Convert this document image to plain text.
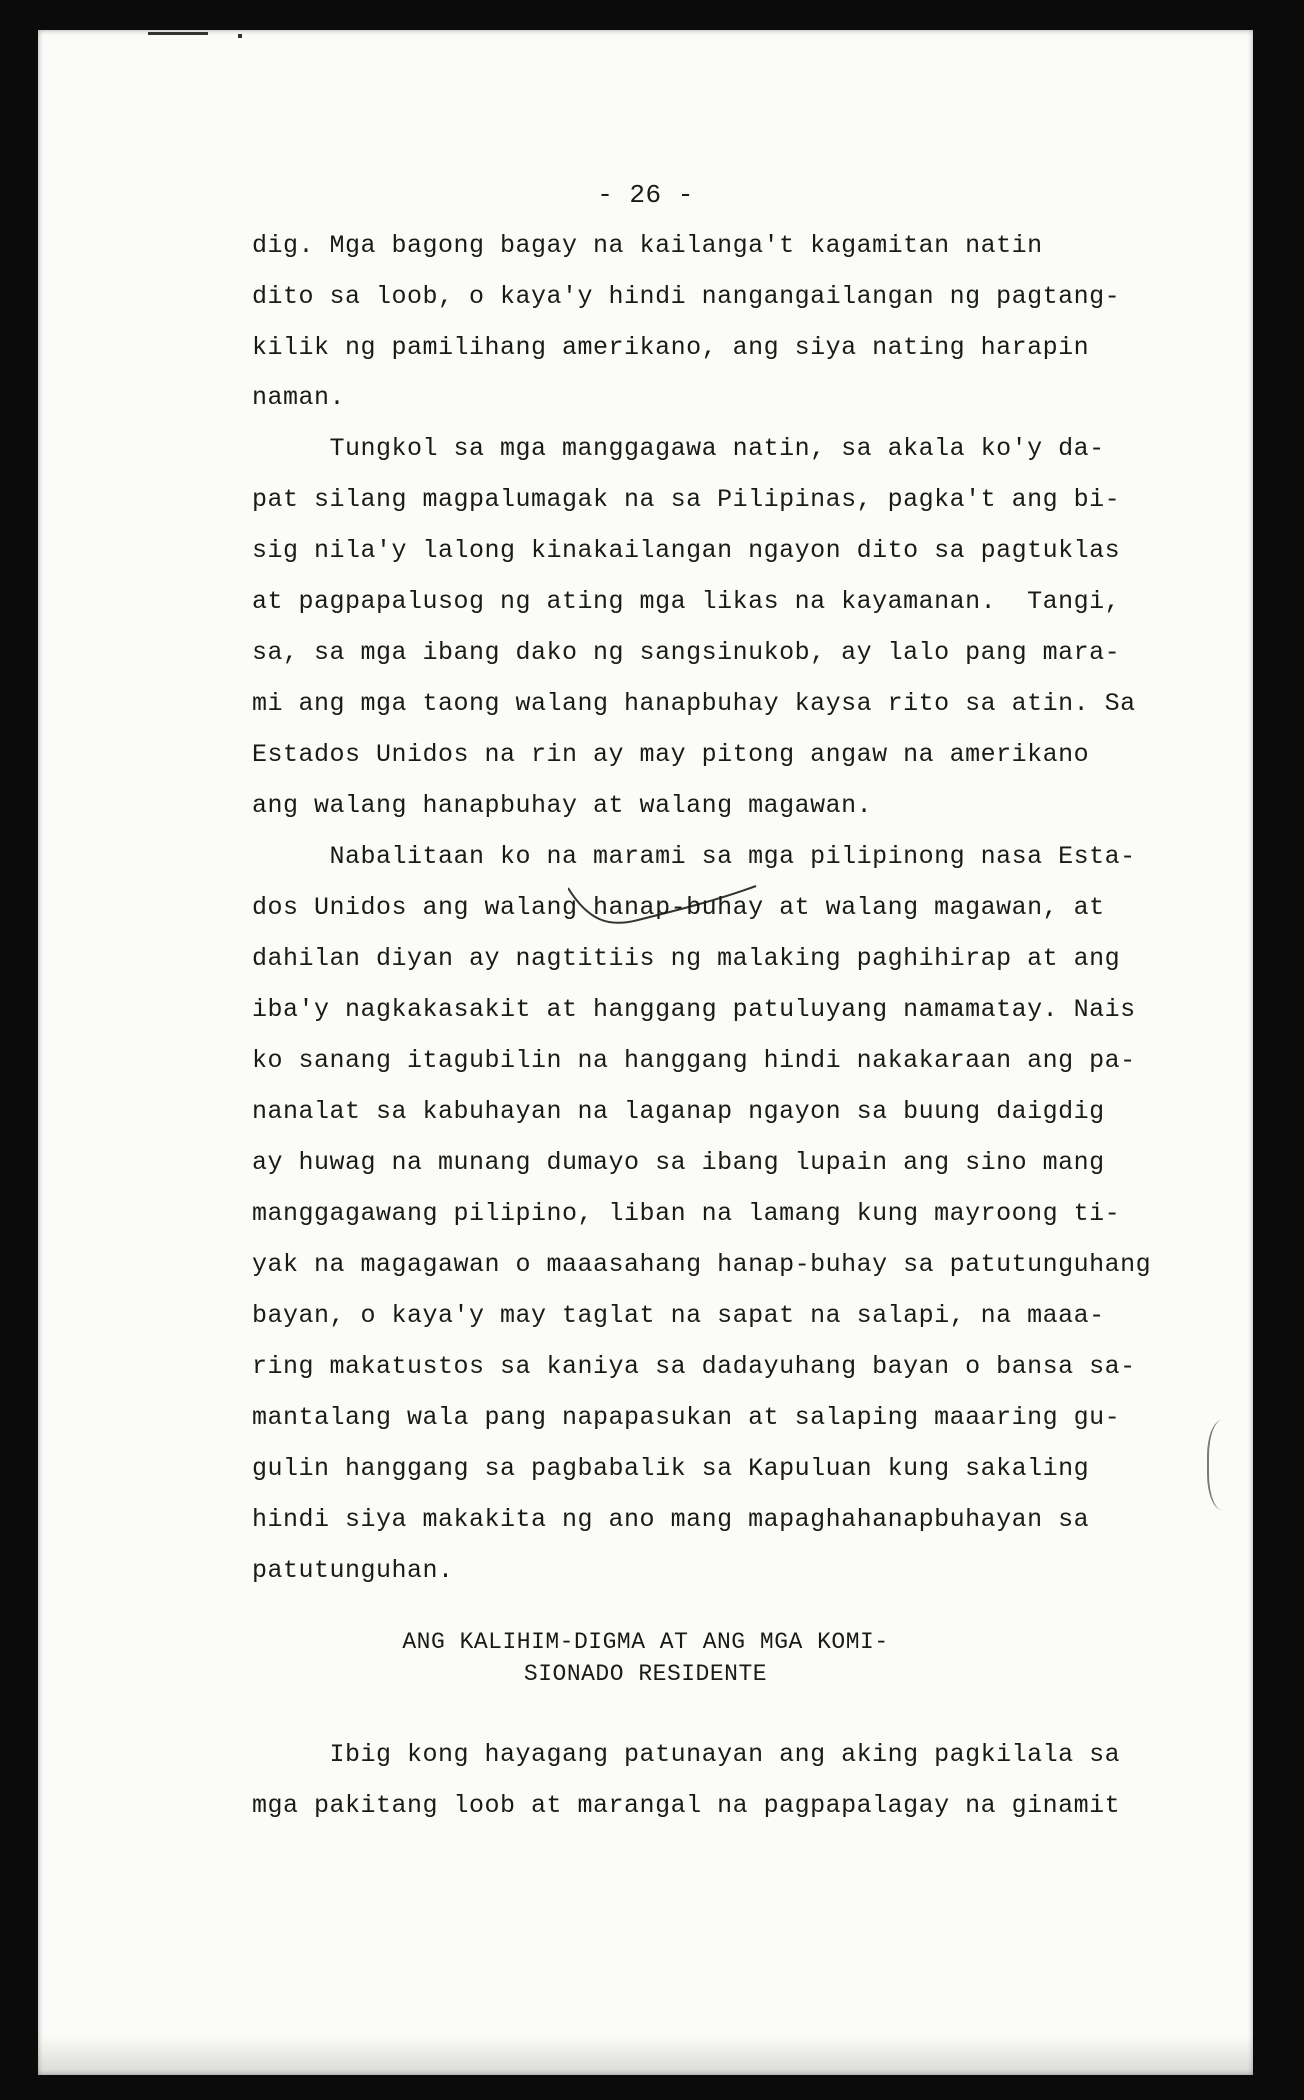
- 26 -
dig. Mga bagong bagay na kailanga't kagamitan natin
dito sa loob, o kaya'y hindi nangangailangan ng pagtang-
kilik ng pamilihang amerikano, ang siya nating harapin
naman.
Tungkol sa mga manggagawa natin, sa akala ko'y da-
pat silang magpalumagak na sa Pilipinas, pagka't ang bi-
sig nila'y lalong kinakailangan ngayon dito sa pagtuklas
at pagpapalusog ng ating mga likas na kayamanan.  Tangi,
sa, sa mga ibang dako ng sangsinukob, ay lalo pang mara-
mi ang mga taong walang hanapbuhay kaysa rito sa atin. Sa
Estados Unidos na rin ay may pitong angaw na amerikano
ang walang hanapbuhay at walang magawan.
Nabalitaan ko na marami sa mga pilipinong nasa Esta-
dos Unidos ang walang hanap-buhay at walang magawan, at
dahilan diyan ay nagtitiis ng malaking paghihirap at ang
iba'y nagkakasakit at hanggang patuluyang namamatay. Nais
ko sanang itagubilin na hanggang hindi nakakaraan ang pa-
nanalat sa kabuhayan na laganap ngayon sa buung daigdig
ay huwag na munang dumayo sa ibang lupain ang sino mang
manggagawang pilipino, liban na lamang kung mayroong ti-
yak na magagawan o maaasahang hanap-buhay sa patutunguhang
bayan, o kaya'y may taglat na sapat na salapi, na maaa-
ring makatustos sa kaniya sa dadayuhang bayan o bansa sa-
mantalang wala pang napapasukan at salaping maaaring gu-
gulin hanggang sa pagbabalik sa Kapuluan kung sakaling
hindi siya makakita ng ano mang mapaghahanapbuhayan sa
patutunguhan.
ANG KALIHIM-DIGMA AT ANG MGA KOMI-
SIONADO RESIDENTE
Ibig kong hayagang patunayan ang aking pagkilala sa
mga pakitang loob at marangal na pagpapalagay na ginamit
